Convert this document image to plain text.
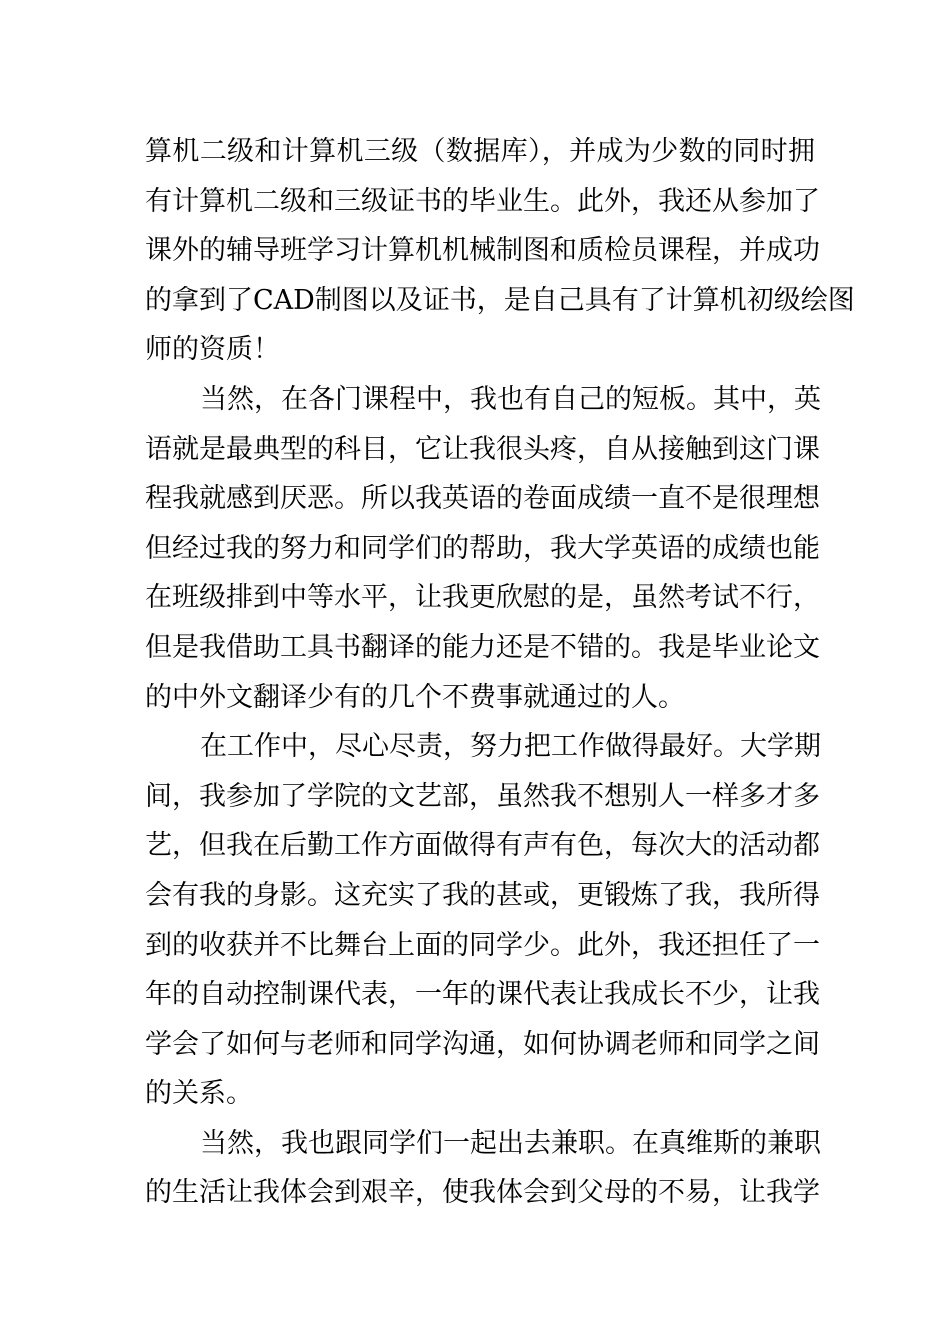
算机二级和计算机三级（数据库），并成为少数的同时拥
有计算机二级和三级证书的毕业生。此外，我还从参加了
课外的辅导班学习计算机机械制图和质检员课程，并成功
的拿到了CAD制图以及证书，是自己具有了计算机初级绘图
师的资质！
当然，在各门课程中，我也有自己的短板。其中，英
语就是最典型的科目，它让我很头疼，自从接触到这门课
程我就感到厌恶。所以我英语的卷面成绩一直不是很理想
但经过我的努力和同学们的帮助，我大学英语的成绩也能
在班级排到中等水平，让我更欣慰的是，虽然考试不行，
但是我借助工具书翻译的能力还是不错的。我是毕业论文
的中外文翻译少有的几个不费事就通过的人。
在工作中，尽心尽责，努力把工作做得最好。大学期
间，我参加了学院的文艺部，虽然我不想别人一样多才多
艺，但我在后勤工作方面做得有声有色，每次大的活动都
会有我的身影。这充实了我的甚或，更锻炼了我，我所得
到的收获并不比舞台上面的同学少。此外，我还担任了一
年的自动控制课代表，一年的课代表让我成长不少，让我
学会了如何与老师和同学沟通，如何协调老师和同学之间
的关系。
当然，我也跟同学们一起出去兼职。在真维斯的兼职
的生活让我体会到艰辛，使我体会到父母的不易，让我学
